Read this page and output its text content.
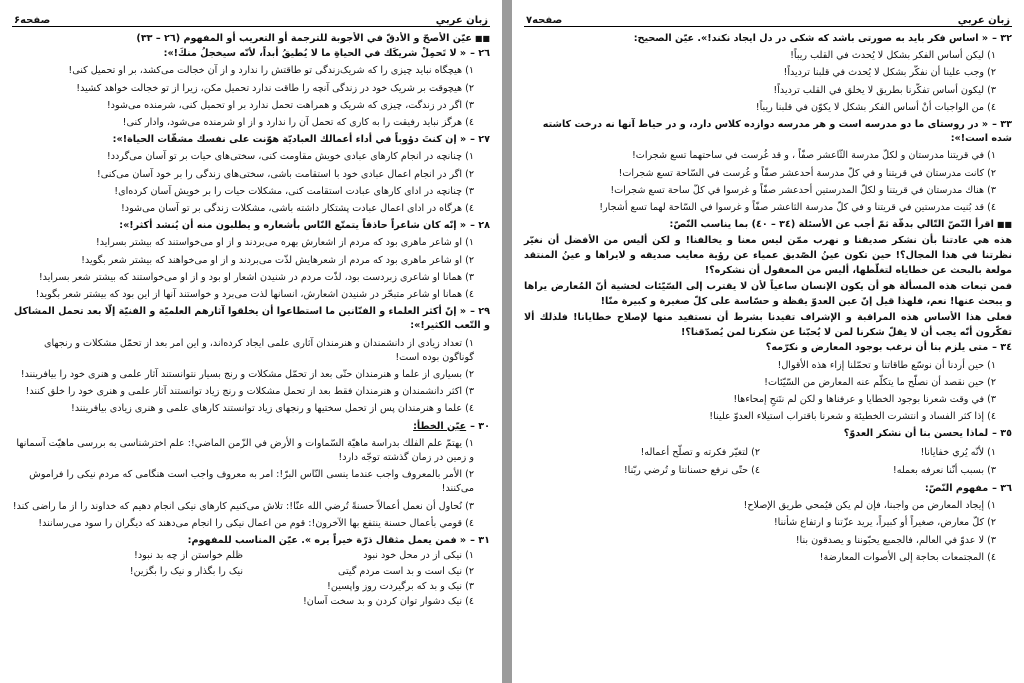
زبان عربي
صفحه۶
■■عيّن الأصحّ و الأدقّ في الأجوبة للترجمة أو التعريب أو المفهوم (٢٦ – ٣٣)
٢٦ –« لا تَحمِلْ شريكَك في الحياةِ ما لا يُطيقُ أبداً، لأنّه سيخجلُ منكَ!»:
١) هيچگاه نبايد چيزى را كه شريک‌زندگى تو طاقتش را ندارد و از آن خجالت مى‌كشد، بر او تحميل كنى!
٢) هيچوقت بر شريک خود در زندگى آنچه را طاقت ندارد تحميل مكن، زيرا از تو خجالت خواهد كشيد!
٣) اگر در زندگت، چيزى كه شريک و همراهت تحمل ندارد بر او تحميل كنى، شرمنده مى‌شود!
٤) هرگز نبايد رفيقت را به كارى كه تحمل آن را ندارد و از او شرمنده مى‌شود، وادار كنى!
٢٧ –« إن كنتَ دؤوباً في أداء أعمالك العباديّة هوّنت على نفسك مشقّات الحياة!»:
١) چنانچه در انجام كارهاى عبادى خويش مقاومت كنى، سختى‌هاى حيات بر تو آسان مى‌گردد!
٢) اگر در انجام اعمال عبادى خود با استقامت باشى، سختى‌هاى زندگى را بر خود آسان مى‌كنى!
٣) چنانچه در ادای كارهای عبادت استقامت كنی، مشكلات حيات را بر خويش آسان كرده‌ای!
٤) هرگاه در ادای اعمال عبادت پشتكار داشته باشی، مشكلات زندگی بر تو آسان می‌شود!
٢٨ –« إنّه كان شاعراً حاذقاً يتمتّع النّاس بأشعاره و يطلبون منه أن يُنشد أكثر!»:
١) او شاعر ماهرى بود كه مردم از اشعارش بهره مى‌بردند و از او مى‌خواستند كه بيشتر بسرايد!
٢) او شاعر ماهرى بود كه مردم از شعرهايش لذّت مى‌بردند و از او مى‌خواهند كه بيشتر شعر بگويد!
٣) همانا او شاعرى زبردست بود، لذّت مردم در شنيدن اشعار او بود و از او مى‌خواستند كه بيشتر شعر بسرايد!
٤) همانا او شاعر متبحّر در شنيدن اشعارش، انسانها لذت مى‌برد و خواستند آنها از اين بود كه بيشتر شعر بگويد!
٢٩ –« إنّ أكثر العلماء و الفنّانين ما استطاعوا أن يخلقوا آثارهم العلميّة و الفنيّة إلّا بعد تحمل المشاكل و التّعب الكثير!»:
١) تعداد زيادى از دانشمندان و هنرمندان آثارى علمى ايجاد كرده‌اند، و اين امر بعد از تحمّل مشكلات و رنجهاى گوناگون بوده است!
٢) بسيارى از علما و هنرمندان حتّى بعد از تحمّل مشكلات و رنج بسيار نتوانستند آثار علمى و هنرى خود را بيافرينند!
٣) اكثر دانشمندان و هنرمندان فقط بعد از تحمل مشكلات و رنج زياد توانستند آثار علمى و هنرى خود را خلق كنند!
٤) علما و هنرمندان پس از تحمل سختيها و رنجهاى زياد توانستند كارهاى علمى و هنرى زيادى بيافرينند!
٣٠ –عيّن الخطأ:
١) يهتمّ علم الفلك بدراسة ماهيّة السّماوات و الأرض في الزّمن الماضي!: علم اختر‌شناسى به بررسى ماهيّت آسمانها و زمين در زمان گذشته توجّه دارد!
٢) الأمر بالمعروف واجب عندما ينسى النّاس البرّ!: امر به معروف واجب است هنگامى كه مردم نيكى را فراموش مى‌كنند!
٣) نُحاول أن نعمل أعمالاً حسنةً تُرضي الله عنّا!: تلاش مى‌كنيم كارهاى نيكى انجام دهيم كه خداوند را از ما راضى كند!
٤) قومي بأعمال حسنة ينتفع بها الآخرون!: قوم من اعمال نيكى را انجام مى‌دهند كه ديگران را سود مى‌رسانند!
٣١ –« فمن يعمل مثقال ذرّة خيراً يره ». عيّن المناسب للمفهوم:
١) نيكى از در محل خود نبود
ظلم خواستن از چه بد نبود!
٢) نيک است و بد است مردم گيتى
نيک را بگذار و نيک را بگزين!
٣) نيک و بد كه برگيردت روز واپسين!
٤) نيک دشوار توان كردن و بد سخت آسان!
زبان عربي
صفحه۷
٣٢ –« اساس فكر بايد به صورتى باشد كه شكى در دل ايجاد نكند!». عيّن الصحيح:
١) ليكن أساس الفكر بشكل لا يُحدث في القلب ريباً!
٢) وجب علينا أن نفكّر بشكل لا يُحدث في قلبنا ترديداً!
٣) ليكون أساس تفكّرنا بطريق لا يخلق في القلب ترديداً!
٤) من الواجبات أنْ أساس الفكر بشكل لا يكوّن في قلبنا ريباً!
٣٣ –« در روستاى ما دو مدرسه است و هر مدرسه دوازده كلاس دارد، و در حياط آنها نه درخت كاشته شده است!»:
١) في قريتنا مدرستان و لكلّ مدرسة الثّاعشر صفّاً ، و قد غُرست في ساحتهما تسع شجرات!
٢) كانت مدرستان في قريتنا و في كلّ مدرسة أحدعشر صفّاً و غُرست في السّاحة تسع شجرات!
٣) هناك مدرستان في قريتنا و لكلّ المدرستين أحدعشر صفّاً و غرسوا في كلّ ساحة تسع شجرات!
٤) قد بُنيت مدرستين في قريتنا و في كلّ مدرسة الثاعشر صفّاً و غرسوا في السّاحة لهما تسع أشجار!
■■اقرأ النّصّ التّالي بدقّة ثمّ أجب عن الأسئلة (٣٤ – ٤٠) بما يناسب النّصّ:
هذه هي عادتنا بأن نشكر صديقنا و نهرب ممّن ليس معنا و يخالفنا! و لكن أليس من الأفضل أن نغيّر نظرتنا في هذا المجال؟! حين تكون عينُ الصّديق عمياء عن رؤية معايب صديقه و لايراها و عينُ المنتقد مولعة بالبحث عن خطاياه لتغلّطها، أليس من المعقول أن نشكره؟!
فمن تبعات هذه المسألة هو أن يكون الإنسان ساعياً لأن لا يقترب إلى السّيّئات لخشية أنّ المُعارض يراها و يبحث عنها! نعم، فلهذا قيل إنّ عين العدوّ يقظة و حسّاسة على كلّ صغيرة و كبيرة منّا!
فعلى هذا الأساس هذه المراقبة و الإشراف تفيدنا بشرط أن نستفيد منها لإصلاح خطايانا! فلذلك ألا تفكّرون أنّه يجب أن لا يقلّ شكرنا لمن لا يُحبّنا عن شكرنا لمن يُصدّقنا؟!
٣٤ –متى يلزم بنا أن نرغب بوجود المعارض و نكرّمه؟
١) حين أردنا أن نوسّع طاقاتنا و تحمّلنا إزاء هذه الأقوال!
٢) حين نقصد أن نصلّح ما يتكلّم عنه المعارض من السّيّئات!
٣) في وقت شعرنا بوجود الخطايا و عرفناها و لكن لم نتَنحِ إمحاءها!
٤) إذا كثر الفساد و انتشرت الخطيئة و شعرنا باقتراب استيلاء العدوّ علينا!
٣٥ –لماذا يحسن بنا أن نشكر العدوّ؟
١) لأنّه يُري خفايانا!
٢) لتغيّر فكرته و تصلّح أعماله!
٣) بسبب أنّنا نعرفه بعمله!
٤) حتّى نرفع حسنانتا و تُرضي ربّنا!
٣٦ –مفهوم النّصّ:
١) إيجاد المعارض من واجبنا، فإن لم يكن فيُمحي طريق الإصلاح!
٢) كلّ معارض، صغيراً أو كبيراً، يريد عزّتنا و ارتفاع شأننا!
٣) لا عدوّ في العالم، فالجميع يحبّوننا و يصدقون بنا!
٤) المجتمعات بحاجة إلى الأصوات المعارضة!
